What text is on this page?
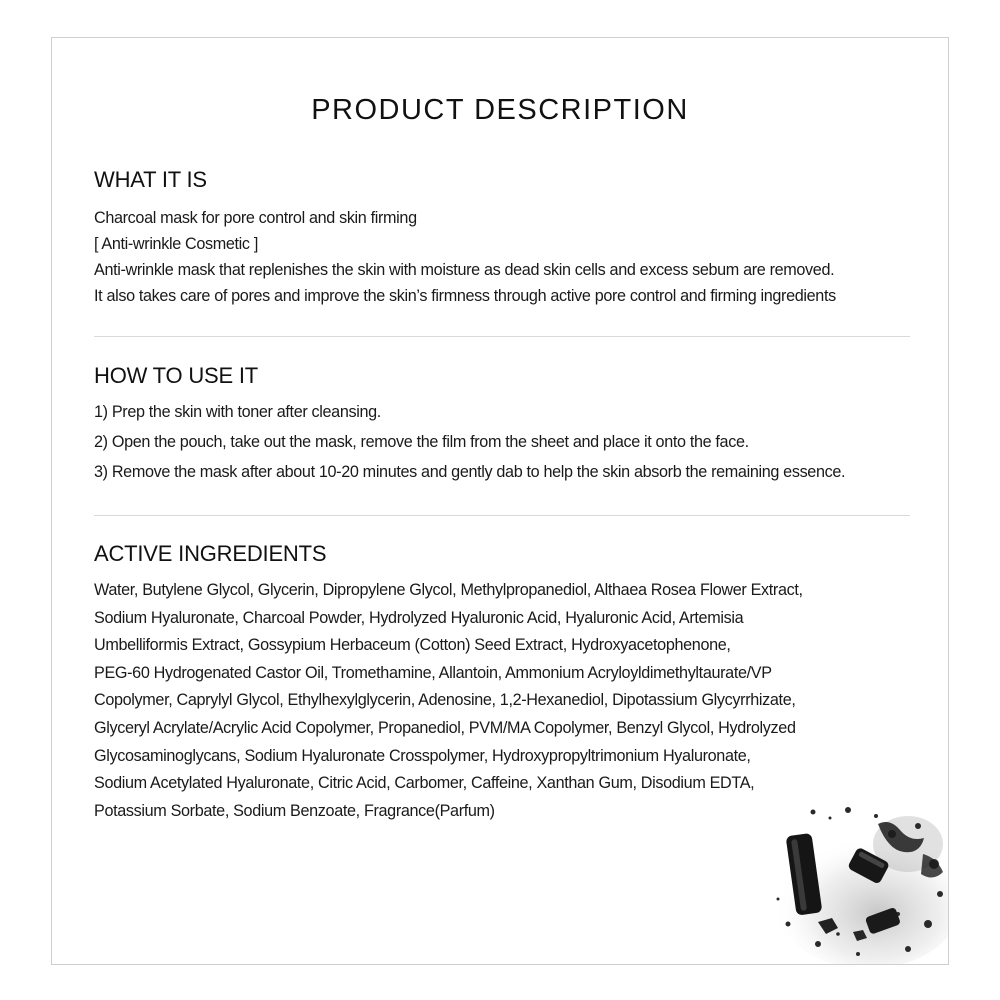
PRODUCT DESCRIPTION
WHAT IT IS
Charcoal mask for pore control and skin firming
[ Anti-wrinkle Cosmetic ]
Anti-wrinkle mask that replenishes the skin with moisture as dead skin cells and excess sebum are removed.
It also takes care of pores and improve the skin’s firmness through active pore control and firming ingredients
HOW TO USE IT
1) Prep the skin with toner after cleansing.
2) Open the pouch, take out the mask, remove the film from the sheet and place it onto the face.
3) Remove the mask after about 10-20 minutes and gently dab to help the skin absorb the remaining essence.
ACTIVE INGREDIENTS
Water, Butylene Glycol, Glycerin, Dipropylene Glycol, Methylpropanediol, Althaea Rosea Flower Extract,
Sodium Hyaluronate, Charcoal Powder, Hydrolyzed Hyaluronic Acid, Hyaluronic Acid, Artemisia
Umbelliformis Extract, Gossypium Herbaceum (Cotton) Seed Extract, Hydroxyacetophenone,
PEG-60 Hydrogenated Castor Oil, Tromethamine, Allantoin, Ammonium Acryloyldimethyltaurate/VP
Copolymer, Caprylyl Glycol, Ethylhexylglycerin, Adenosine, 1,2-Hexanediol, Dipotassium Glycyrrhizate,
Glyceryl Acrylate/Acrylic Acid Copolymer, Propanediol, PVM/MA Copolymer, Benzyl Glycol, Hydrolyzed
Glycosaminoglycans, Sodium Hyaluronate Crosspolymer, Hydroxypropyltrimonium Hyaluronate,
Sodium Acetylated Hyaluronate, Citric Acid, Carbomer, Caffeine, Xanthan Gum, Disodium EDTA,
Potassium Sorbate, Sodium Benzoate, Fragrance(Parfum)
